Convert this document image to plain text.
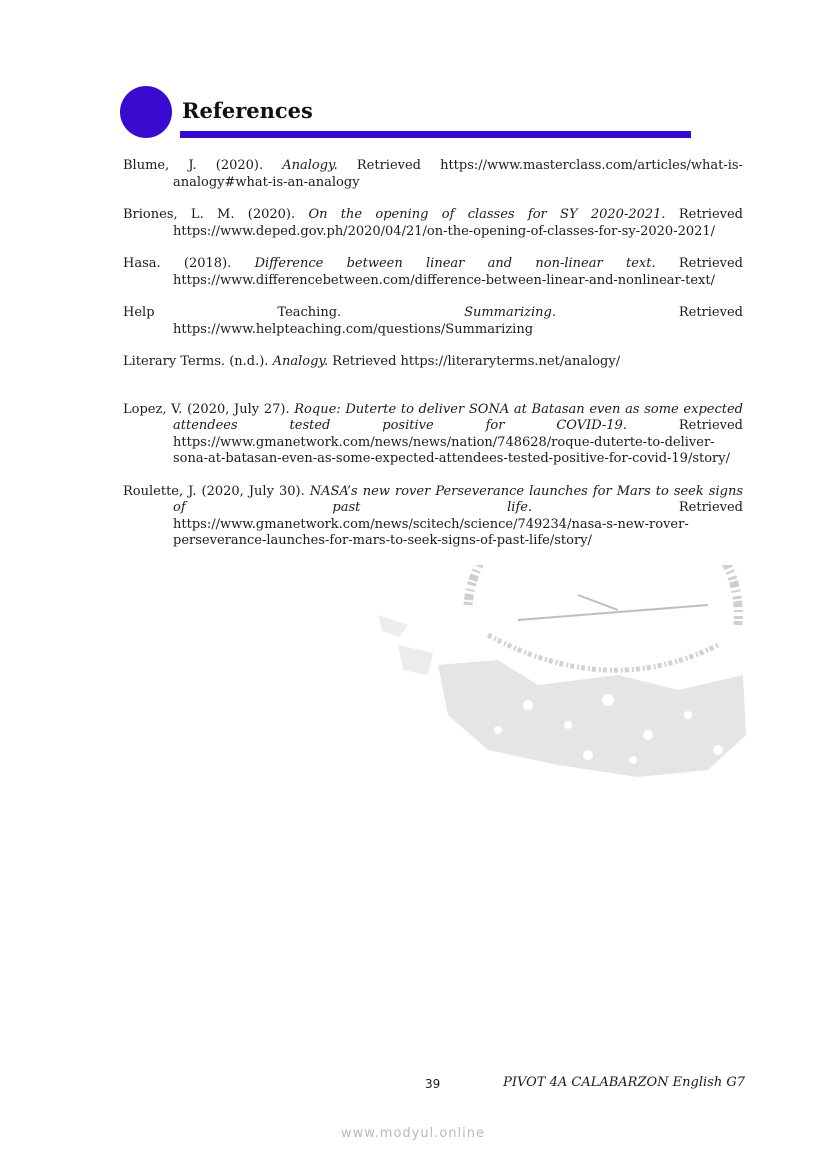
References

Blume, J. (2020). Analogy. Retrieved https://www.masterclass.com/articles/what-is-analogy#what-is-an-analogy

Briones, L. M. (2020). On the opening of classes for SY 2020-2021. Retrieved https://www.deped.gov.ph/2020/04/21/on-the-opening-of-classes-for-sy-2020-2021/

Hasa. (2018). Difference between linear and non-linear text. Retrieved https://www.differencebetween.com/difference-between-linear-and-nonlinear-text/

Help Teaching. Summarizing. Retrieved https://www.helpteaching.com/questions/Summarizing

Literary Terms. (n.d.). Analogy. Retrieved https://literaryterms.net/analogy/

Lopez, V. (2020, July 27). Roque: Duterte to deliver SONA at Batasan even as some expected attendees tested positive for COVID-19. Retrieved https://www.gmanetwork.com/news/news/nation/748628/roque-duterte-to-deliver-sona-at-batasan-even-as-some-expected-attendees-tested-positive-for-covid-19/story/

Roulette, J. (2020, July 30). NASA’s new rover Perseverance launches for Mars to seek signs of past life. Retrieved https://www.gmanetwork.com/news/scitech/science/749234/nasa-s-new-rover-perseverance-launches-for-mars-to-seek-signs-of-past-life/story/

39	PIVOT 4A CALABARZON English G7
www.modyul.online
